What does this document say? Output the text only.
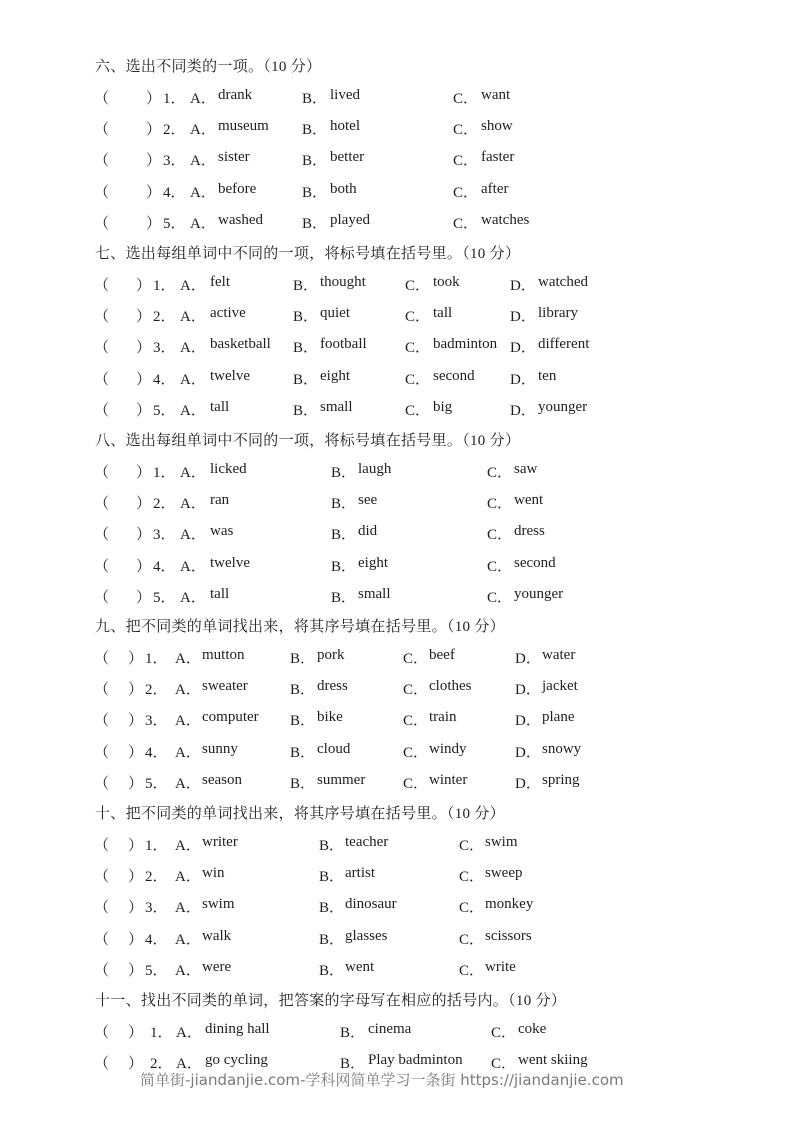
六、选出不同类的一项。（10 分）
（ ） 1． A． drank	B． lived	C． want
（ ） 2． A． museum B． hotel	C． show
（ ） 3． A． sister	B． better	C． faster
（ ） 4． A． before	B． both	C． after
（ ） 5． A． washed	B． played	C． watches
七、选出每组单词中不同的一项，将标号填在括号里。（10 分）
（ ） 1． A． felt	B． thought	C． took	D． watched
（ ） 2． A． active	B． quiet	C． tall	D． library
（ ） 3． A． basketball B． football	C． badminton D． different
（ ） 4． A． twelve	B． eight	C． second D． ten
（ ） 5． A． tall	B． small	C． big	D． younger
八、选出每组单词中不同的一项，将标号填在括号里。（10 分）
（ ） 1． A． licked	B． laugh	C． saw
（ ） 2． A． ran	B． see	C． went
（ ） 3． A． was	B． did	C． dress
（ ） 4． A． twelve	B． eight	C． second
（ ） 5． A． tall	B． small	C． younger
九、把不同类的单词找出来，将其序号填在括号里。（10 分）
（ ） 1． A． mutton	B． pork	C． beef	D． water
（ ） 2． A． sweater	B． dress	C． clothes	D． jacket
（ ） 3． A． computer B． bike	C． train	D． plane
（ ） 4． A． sunny	B． cloud	C． windy	D． snowy
（ ） 5． A． season	B． summer	C． winter	D． spring
十、把不同类的单词找出来，将其序号填在括号里。（10 分）
（ ） 1． A． writer	B． teacher	C． swim
（ ） 2． A． win	B． artist	C． sweep
（ ） 3． A． swim	B． dinosaur	C． monkey
（ ） 4． A． walk	B． glasses	C． scissors
（ ） 5． A． were	B． went	C． write
十一、找出不同类的单词，把答案的字母写在相应的括号内。（10 分）
（ ） 1． A． dining hall	B． cinema	C． coke
（ ） 2． A． go cycling	B． Play badminton C． went skiing
简单街-jiandanjie.com-学科网简单学习一条街 https://jiandanjie.com
